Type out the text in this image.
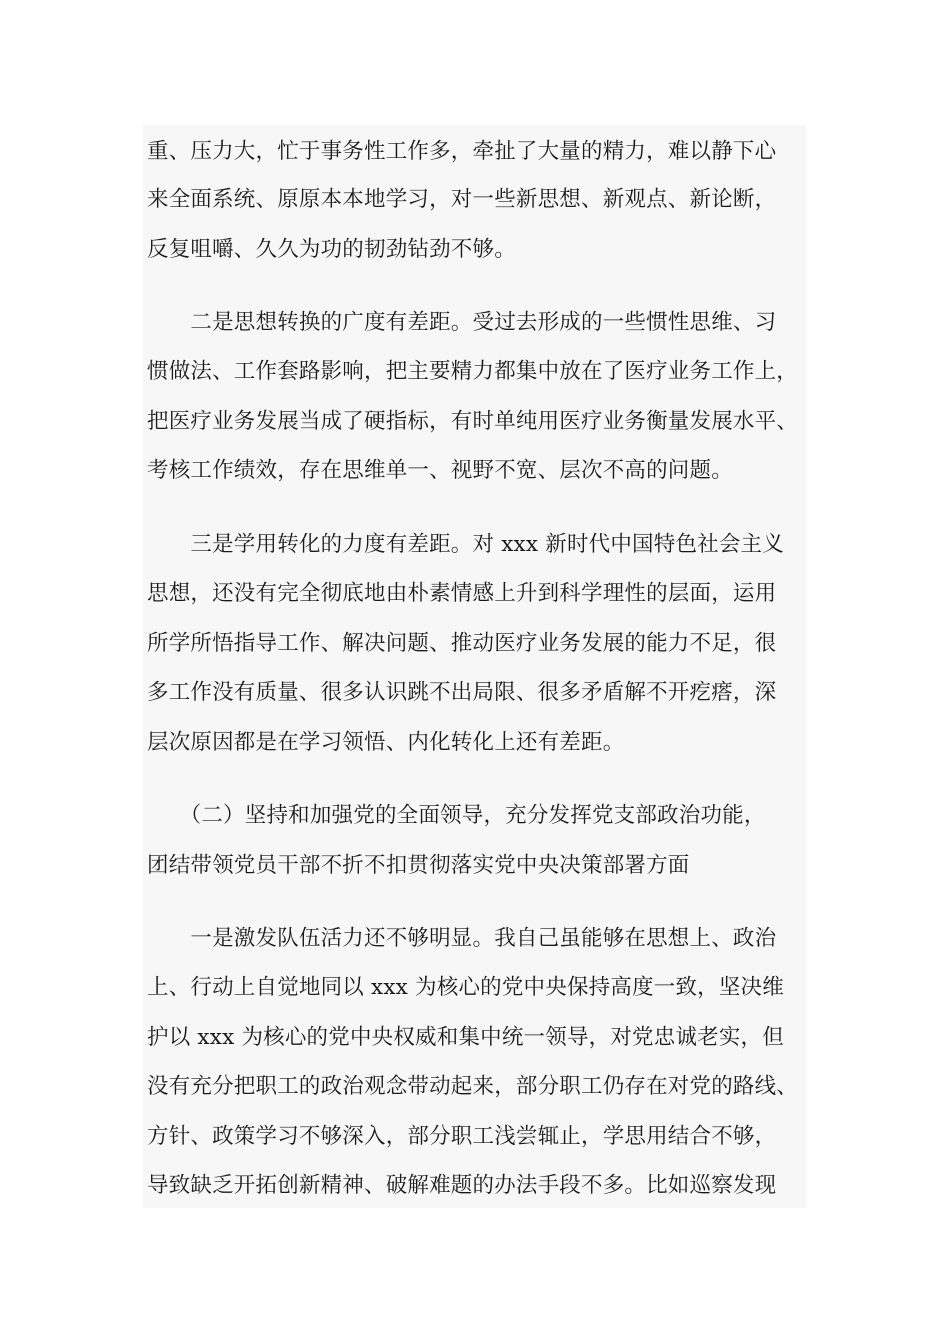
重、压力大，忙于事务性工作多，牵扯了大量的精力，难以静下心
来全面系统、原原本本地学习，对一些新思想、新观点、新论断，
反复咀嚼、久久为功的韧劲钻劲不够。
　　二是思想转换的广度有差距。受过去形成的一些惯性思维、习
惯做法、工作套路影响，把主要精力都集中放在了医疗业务工作上，
把医疗业务发展当成了硬指标，有时单纯用医疗业务衡量发展水平、
考核工作绩效，存在思维单一、视野不宽、层次不高的问题。
　　三是学用转化的力度有差距。对 xxx 新时代中国特色社会主义
思想，还没有完全彻底地由朴素情感上升到科学理性的层面，运用
所学所悟指导工作、解决问题、推动医疗业务发展的能力不足，很
多工作没有质量、很多认识跳不出局限、很多矛盾解不开疙瘩，深
层次原因都是在学习领悟、内化转化上还有差距。
　　（二）坚持和加强党的全面领导，充分发挥党支部政治功能，
团结带领党员干部不折不扣贯彻落实党中央决策部署方面
　　一是激发队伍活力还不够明显。我自己虽能够在思想上、政治
上、行动上自觉地同以 xxx 为核心的党中央保持高度一致，坚决维
护以 xxx 为核心的党中央权威和集中统一领导，对党忠诚老实，但
没有充分把职工的政治观念带动起来，部分职工仍存在对党的路线、
方针、政策学习不够深入，部分职工浅尝辄止，学思用结合不够，
导致缺乏开拓创新精神、破解难题的办法手段不多。比如巡察发现
